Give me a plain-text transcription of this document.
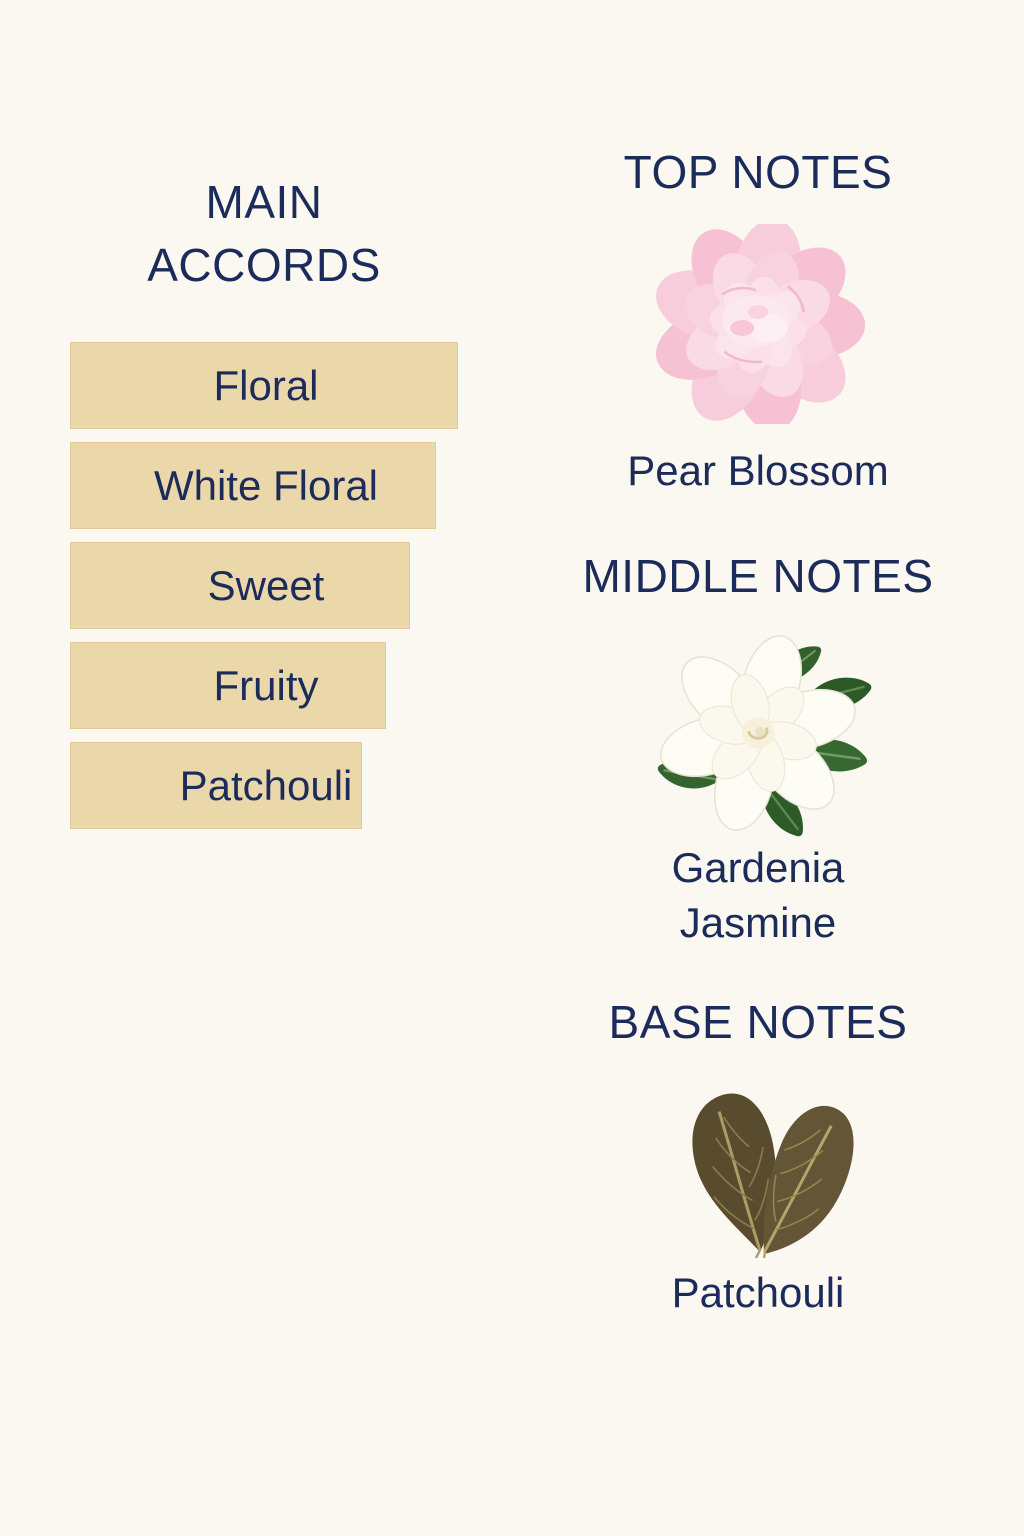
MAIN
ACCORDS
Floral
White Floral
Sweet
Fruity
Patchouli
TOP NOTES
Pear Blossom
MIDDLE NOTES
Gardenia
Jasmine
BASE NOTES
Patchouli
